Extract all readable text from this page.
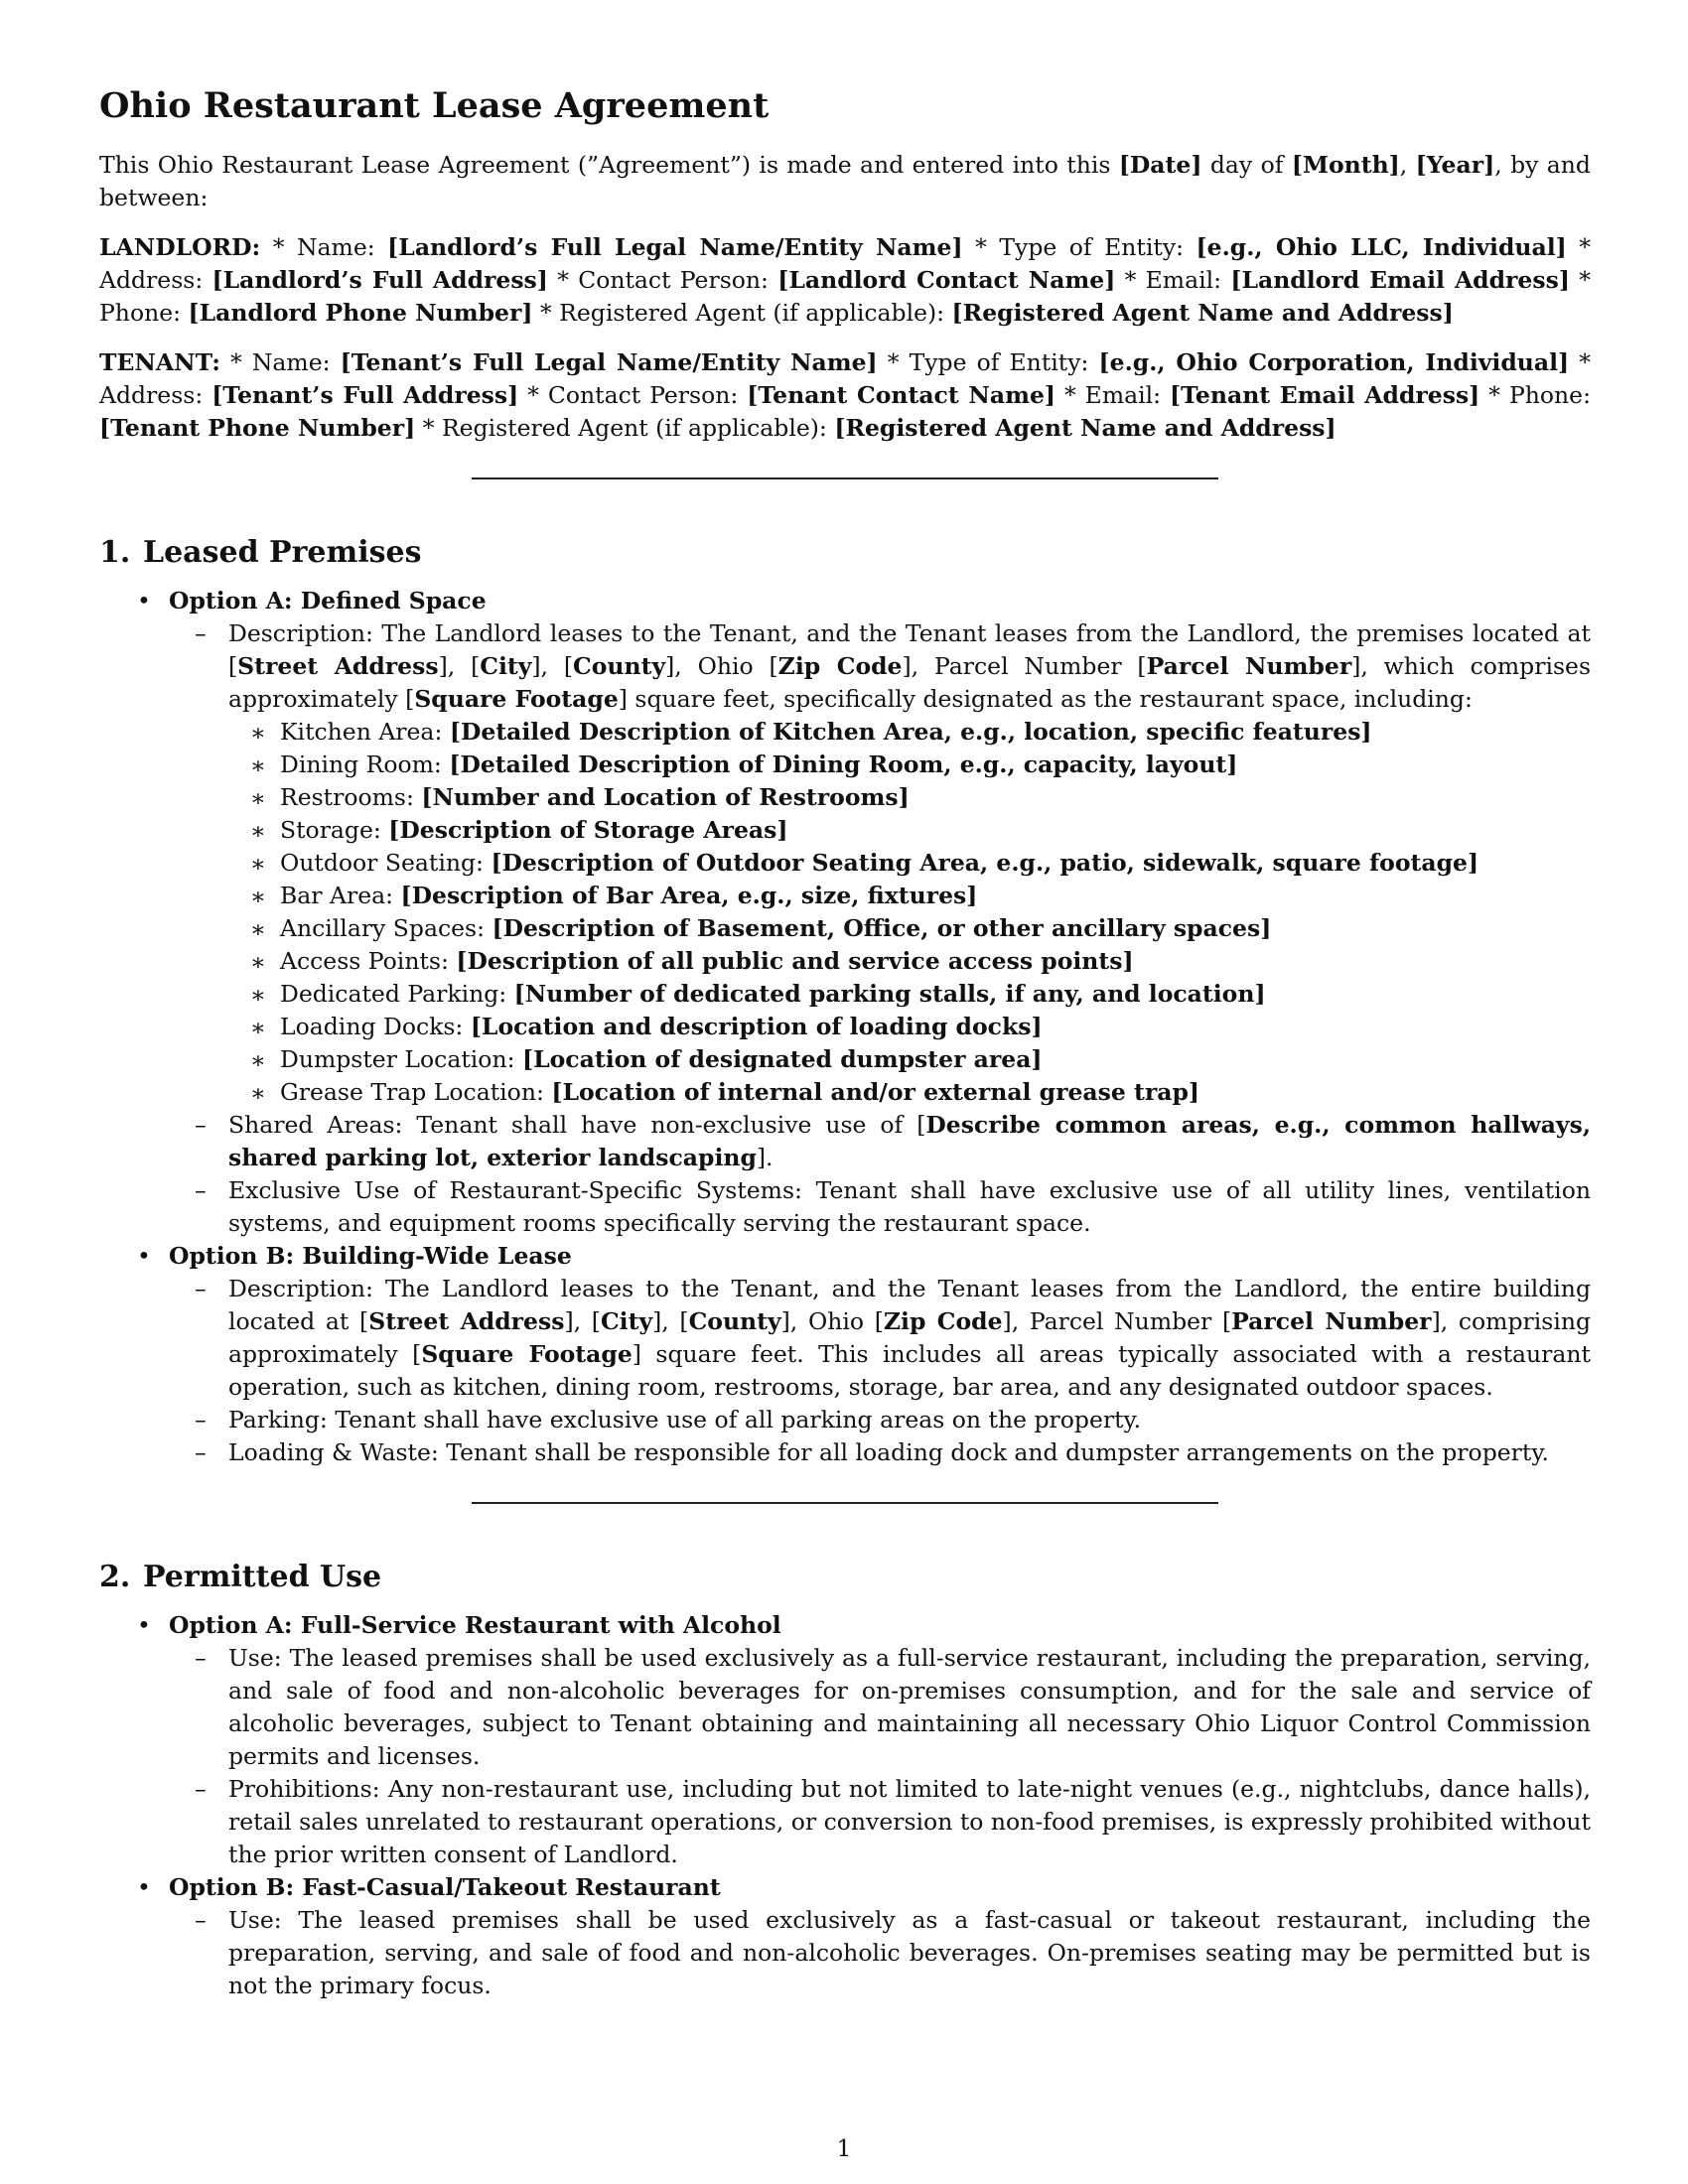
Ohio Restaurant Lease Agreement

This Ohio Restaurant Lease Agreement (”Agreement”) is made and entered into this [Date] day of [Month], [Year], by and between:

LANDLORD: * Name: [Landlord’s Full Legal Name/Entity Name] * Type of Entity: [e.g., Ohio LLC, Individual] * Address: [Landlord’s Full Address] * Contact Person: [Landlord Contact Name] * Email: [Landlord Email Address] * Phone: [Landlord Phone Number] * Registered Agent (if applicable): [Registered Agent Name and Address]

TENANT: * Name: [Tenant’s Full Legal Name/Entity Name] * Type of Entity: [e.g., Ohio Corporation, Individual] * Address: [Tenant’s Full Address] * Contact Person: [Tenant Contact Name] * Email: [Tenant Email Address] * Phone: [Tenant Phone Number] * Registered Agent (if applicable): [Registered Agent Name and Address]

1. Leased Premises
• Option A: Defined Space
– Description: The Landlord leases to the Tenant, and the Tenant leases from the Landlord, the premises located at [Street Address], [City], [County], Ohio [Zip Code], Parcel Number [Parcel Number], which comprises approximately [Square Footage] square feet, specifically designated as the restaurant space, including:
∗ Kitchen Area: [Detailed Description of Kitchen Area, e.g., location, specific features]
∗ Dining Room: [Detailed Description of Dining Room, e.g., capacity, layout]
∗ Restrooms: [Number and Location of Restrooms]
∗ Storage: [Description of Storage Areas]
∗ Outdoor Seating: [Description of Outdoor Seating Area, e.g., patio, sidewalk, square footage]
∗ Bar Area: [Description of Bar Area, e.g., size, fixtures]
∗ Ancillary Spaces: [Description of Basement, Office, or other ancillary spaces]
∗ Access Points: [Description of all public and service access points]
∗ Dedicated Parking: [Number of dedicated parking stalls, if any, and location]
∗ Loading Docks: [Location and description of loading docks]
∗ Dumpster Location: [Location of designated dumpster area]
∗ Grease Trap Location: [Location of internal and/or external grease trap]
– Shared Areas: Tenant shall have non-exclusive use of [Describe common areas, e.g., common hallways, shared parking lot, exterior landscaping].
– Exclusive Use of Restaurant-Specific Systems: Tenant shall have exclusive use of all utility lines, ventilation systems, and equipment rooms specifically serving the restaurant space.
• Option B: Building-Wide Lease
– Description: The Landlord leases to the Tenant, and the Tenant leases from the Landlord, the entire building located at [Street Address], [City], [County], Ohio [Zip Code], Parcel Number [Parcel Number], comprising approximately [Square Footage] square feet. This includes all areas typically associated with a restaurant operation, such as kitchen, dining room, restrooms, storage, bar area, and any designated outdoor spaces.
– Parking: Tenant shall have exclusive use of all parking areas on the property.
– Loading & Waste: Tenant shall be responsible for all loading dock and dumpster arrangements on the property.
2. Permitted Use
• Option A: Full-Service Restaurant with Alcohol
– Use: The leased premises shall be used exclusively as a full-service restaurant, including the preparation, serving, and sale of food and non-alcoholic beverages for on-premises consumption, and for the sale and service of alcoholic beverages, subject to Tenant obtaining and maintaining all necessary Ohio Liquor Control Commission permits and licenses.
– Prohibitions: Any non-restaurant use, including but not limited to late-night venues (e.g., nightclubs, dance halls), retail sales unrelated to restaurant operations, or conversion to non-food premises, is expressly prohibited without the prior written consent of Landlord.
• Option B: Fast-Casual/Takeout Restaurant
– Use: The leased premises shall be used exclusively as a fast-casual or takeout restaurant, including the preparation, serving, and sale of food and non-alcoholic beverages. On-premises seating may be permitted but is not the primary focus.
1
